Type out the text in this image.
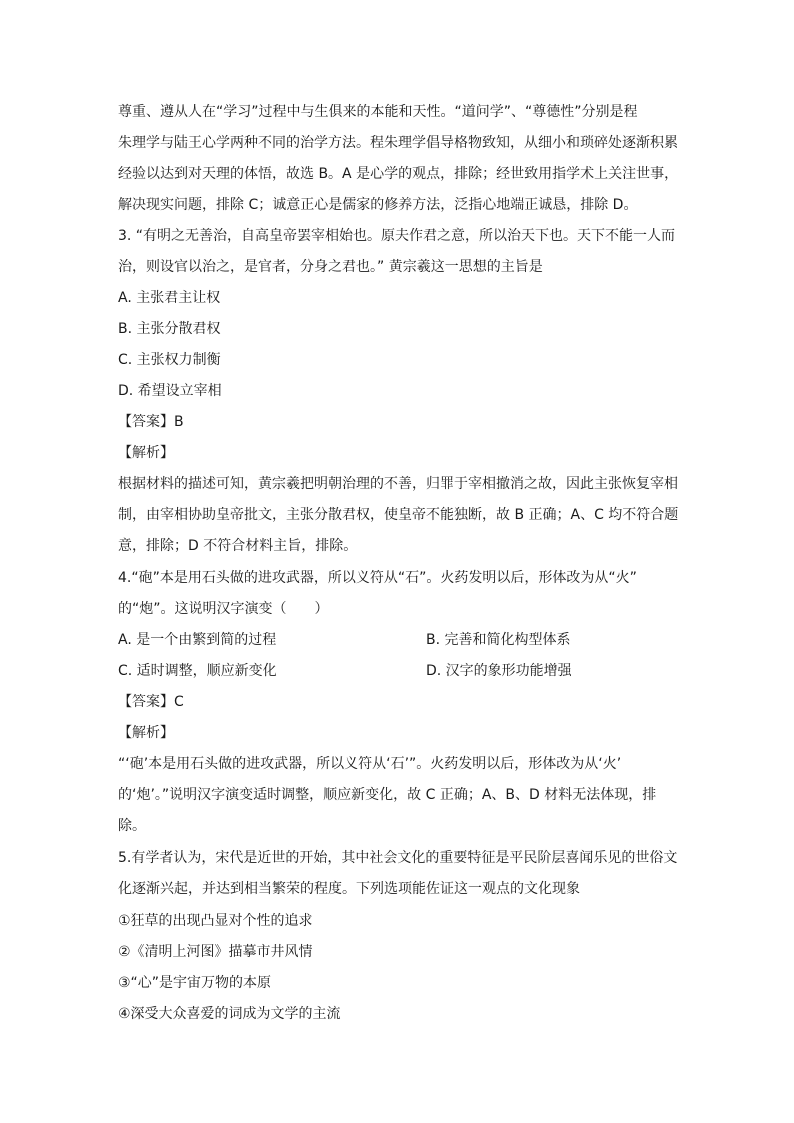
尊重、遵从人在“学习”过程中与生俱来的本能和天性。“道问学”、“尊德性”分别是程
朱理学与陆王心学两种不同的治学方法。程朱理学倡导格物致知，从细小和琐碎处逐渐积累
经验以达到对天理的体悟，故选 B。A 是心学的观点，排除；经世致用指学术上关注世事，
解决现实问题，排除 C；诚意正心是儒家的修养方法，泛指心地端正诚恳，排除 D。
3. “有明之无善治，自高皇帝罢宰相始也。原夫作君之意，所以治天下也。天下不能一人而
治，则设官以治之，是官者，分身之君也。” 黄宗羲这一思想的主旨是
A. 主张君主让权
B. 主张分散君权
C. 主张权力制衡
D. 希望设立宰相
【答案】B
【解析】
根据材料的描述可知，黄宗羲把明朝治理的不善，归罪于宰相撤消之故，因此主张恢复宰相
制，由宰相协助皇帝批文，主张分散君权，使皇帝不能独断，故 B 正确；A、C 均不符合题
意，排除；D 不符合材料主旨，排除。
4.“砲”本是用石头做的进攻武器，所以义符从“石”。火药发明以后，形体改为从“火”
的“炮”。这说明汉字演变（　　）
A. 是一个由繁到简的过程	B. 完善和简化构型体系
C. 适时调整，顺应新变化	D. 汉字的象形功能增强
【答案】C
【解析】
“‘砲’本是用石头做的进攻武器，所以义符从‘石’”。火药发明以后，形体改为从‘火’
的‘炮’。”说明汉字演变适时调整，顺应新变化，故 C 正确；A、B、D 材料无法体现，排
除。
5.有学者认为，宋代是近世的开始，其中社会文化的重要特征是平民阶层喜闻乐见的世俗文
化逐渐兴起，并达到相当繁荣的程度。下列选项能佐证这一观点的文化现象
①狂草的出现凸显对个性的追求
②《清明上河图》描摹市井风情
③“心”是宇宙万物的本原
④深受大众喜爱的词成为文学的主流
